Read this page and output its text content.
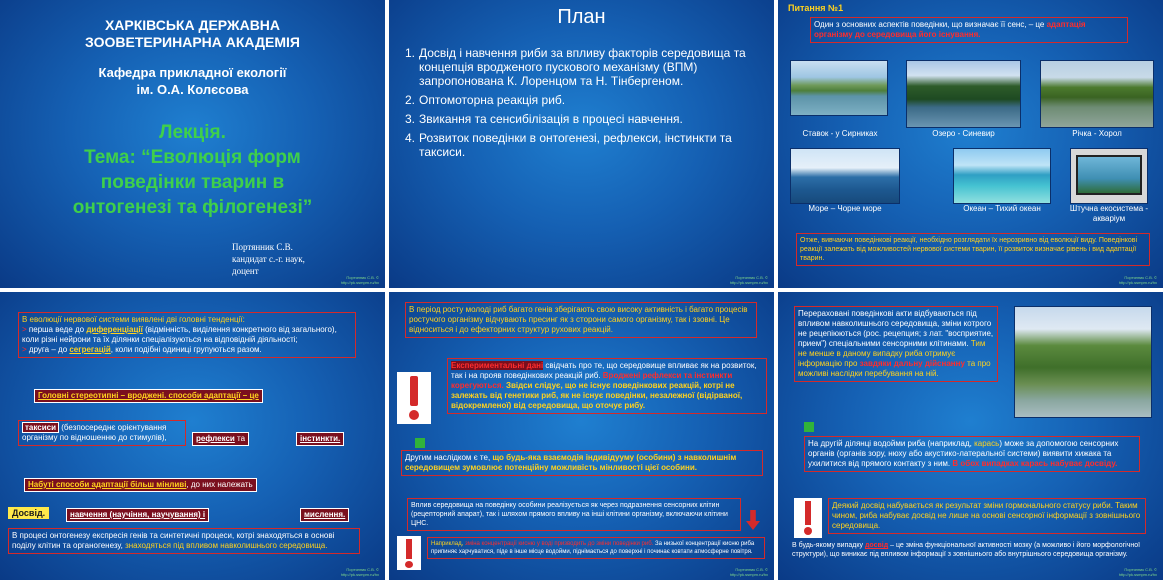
ХАРКІВСЬКА ДЕРЖАВНА
ЗООВЕТЕРИНАРНА АКАДЕМІЯ
Кафедра прикладної екології
ім. О.А. Колєсова
Лекція.
Тема: “Еволюція форм
поведінки тварин в
онтогенезі та філогенезі”
Портянник С.В.
кандидат с.-г. наук,
доцент
Портянник С.В. ©
http://pk.ssmpm.ru/hx
План
1. Досвід і навчення риби за впливу факторів середовища та концепція вродженого пускового механізму (ВПМ) запропонована К. Лоренцом та Н. Тінбергеном.
2. Оптомоторна реакція риб.
3. Звикання та сенсибілізація в процесі навчення.
4. Розвиток поведінки в онтогенезі, рефлекси, інстинкти та таксиси.
Портянник С.В. ©
http://pk.ssmpm.ru/hx
Питання №1
Один з основних аспектів поведінки, що визначає її сенс, – це адаптація організму до середовища його існування.
Ставок - у Сирниках	Озеро - Синевир	Річка - Хорол
Море – Чорне море	Океан – Тихий океан	Штучна екосистема - акваріум
Отже, вивчаючи поведінкові реакції, необхідно розглядати їх нерозривно від еволюції виду. Поведінкові реакції залежать від можливостей нервової системи тварин, її розвиток визначає рівень і вид адаптації тварин.
Портянник С.В. ©
http://pk.ssmpm.ru/hx
В еволюції нервової системи виявлені дві головні тенденції:
> перша веде до диференціації (відмінність, виділення конкретного від загального), коли різні нейрони та їх ділянки спеціалізуються на відповідній діяльності;
> друга – до сегрегацій, коли подібні одиниці групуються разом.
Головні стереотипні – вроджені. способи адаптації – це
таксиси (безпосереднє орієнтування організму по відношенню до стимулів),	рефлекси та	інстинкти.
Набуті способи адаптації більш мінливі, до них належать
Досвід.	навчення (научіння, научування) і	мислення.
В процесі онтогенезу експресія генів та синтетичні процеси, котрі знаходяться в основі поділу клітин та органогенезу, знаходяться під впливом навколишнього середовища.
Портянник С.В. ©
http://pk.ssmpm.ru/hx
В період росту молоді риб багато генів зберігають свою високу активність і багато процесів ростучого організму відчувають пресинг як з сторони самого організму, так і ззовні. Це відноситься і до ефекторних структур рухових реакцій.
Експериментальні дані свідчать про те, що середовище впливає як на розвиток, так і на прояв поведінкових реакцій риб. Вроджені рефлекси та інстинкти корегуються. Звідси слідує, що не існує поведінкових реакцій, котрі не залежать від генетики риб, як не існує поведінки, незалежної (відірваної, відокремленої) від середовища, що оточує рибу.
Другим наслідком є те, що будь-яка взаємодія індивідууму (особини) з навколишнім середовищем зумовлює потенційну можливість мінливості цієї особини.
Вплив середовища на поведінку особини реалізується як через подразнення сенсорних клітин (рецепторний апарат), так і шляхом прямого впливу на інші клітини організму, включаючи клітини ЦНС.
Наприклад, зміна концентрації кисню у воді призводить до зміни поведінки риб. За низької концентрації кисню риба припиняє харчуватися, піде в інше місце водойми, піднімається до поверхні і починає ковтати атмосферне повітря.
Портянник С.В. ©
http://pk.ssmpm.ru/hx
Перераховані поведінкові акти відбуваються під впливом навколишнього середовища, зміни котрого не рецепіюються (рос. рецепция; з лат. "восприятие, прием") спеціальними сенсорними клітинами. Тим не менше в даному випадку риба отримує інформацію про завдяки дальну дійснанну та про можливі наслідки перебування на ній.
На другій ділянці водойми риба (наприклад, карась) може за допомогою сенсорних органів (органів зору, нюху або акустико-латеральної системи) виявити хижака та ухилитися від прямого контакту з ним. В обох випадках карась набуває досвіду.
Деякий досвід набувається як результат зміни гормонального статусу риби. Таким чином, риба набуває досвід не лише на основі сенсорної інформації з зовнішнього середовища.
В будь-якому випадку досвід – це зміна функціональної активності мозку (а можливо і його морфологічної структури), що виникає під впливом інформації з зовнішнього або внутрішнього середовища організму.
Портянник С.В. ©
http://pk.ssmpm.ru/hx
